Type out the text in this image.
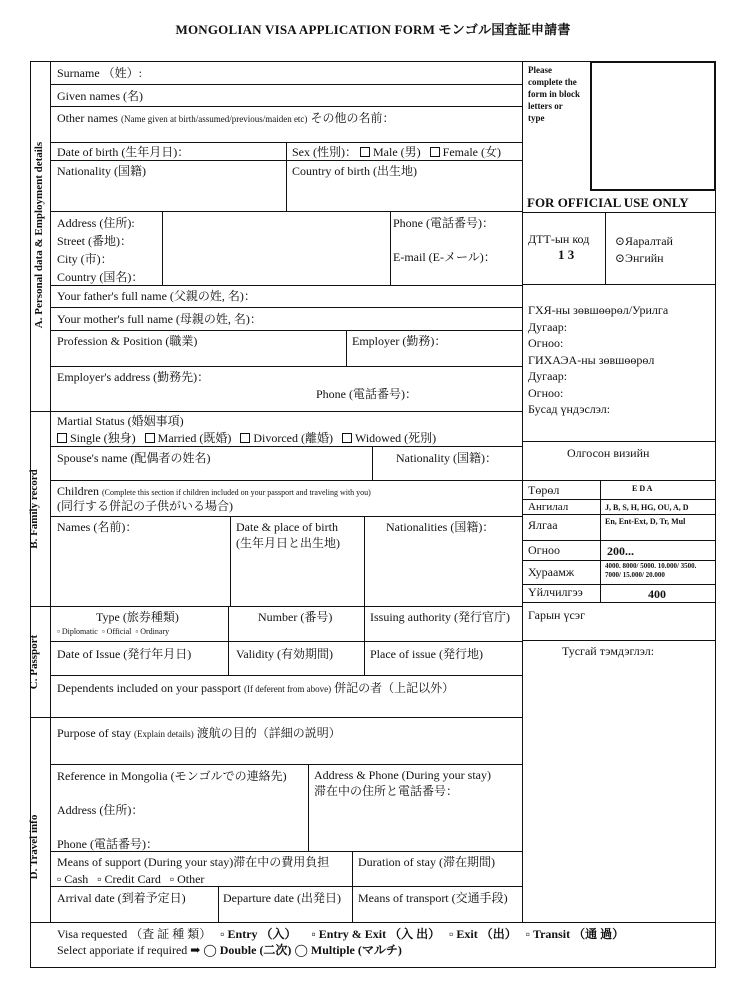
MONGOLIAN VISA APPLICATION FORM モンゴル国査証申請書
A. Personal data & Employment details
B. Family record
C. Passport
D. Travel info
Surname （姓）:
Given names (名)
Other names (Name given at birth/assumed/previous/maiden etc) その他の名前：
Date of birth (生年月日)：	Sex (性別)： Male (男) Female (女)
Nationality (国籍)	Country of birth (出生地)
Address (住所):
Street (番地)：
City (市)：
Country (国名)：
Phone (電話番号)：
E-mail (E-メール)：
Your father's full name (父親の姓, 名)：
Your mother's full name (母親の姓, 名)：
Profession & Position (職業)	Employer (勤務)：
Employer's address (勤務先)：
Phone (電話番号)：
Please
complete the
form in block
letters or
type
FOR OFFICIAL USE ONLY
ДТТ-ын код
1 3
⊙Яаралтай
⊙Энгийн
ГХЯ-ны зөвшөөрөл/Урилга
Дугаар:
Огноо:
ГИХАЭА-ны зөвшөөрөл
Дугаар:
Огноо:
Бусад үндэслэл:
Олгосон визийн
Төрөл	E D A
Ангилал	J, B, S, H, HG, OU, A, D
Ялгаа	En, Ent-Ext, D, Tr, Mul
Огноо	200...
Хураамж	4000. 8000/ 5000. 10.000/ 3500. 7000/ 15.000/ 20.000
Үйлчилгээ	400
Гарын үсэг
Тусгай тэмдэглэл:
Martial Status (婚姻事項)
Single (独身) Married (既婚) Divorced (離婚) Widowed (死別)
Spouse's name (配偶者の姓名)	Nationality (国籍)：
Children (Complete this section if children included on your passport and traveling with you)
(同行する併記の子供がいる場合)
Names (名前)：	Date & place of birth
(生年月日と出生地)
Nationalities (国籍)：
Type (旅券種類)
▫ Diplomatic ▫ Official ▫ Ordinary
Number (番号)	Issuing authority (発行官庁)
Date of Issue (発行年月日)	Validity (有効期間)	Place of issue (発行地)
Dependents included on your passport (If deferent from above) 併記の者（上記以外）
Purpose of stay (Explain details) 渡航の目的（詳細の説明）
Reference in Mongolia (モンゴルでの連絡先)
Address (住所)：
Phone (電話番号)：
Address & Phone (During your stay)
滞在中の住所と電話番号：
Means of support (During your stay)滞在中の費用負担
▫ Cash ▫ Credit Card ▫ Other
Duration of stay (滞在期間)
Arrival date (到着予定日)	Departure date (出発日) Means of transport (交通手段)
Visa requested （査 証 種 類） ▫ Entry （入） ▫ Entry & Exit （入 出） ▫ Exit （出） ▫ Transit （通 過）
Select apporiate if required ➡ ◯ Double (二次) ◯ Multiple (マルチ)
